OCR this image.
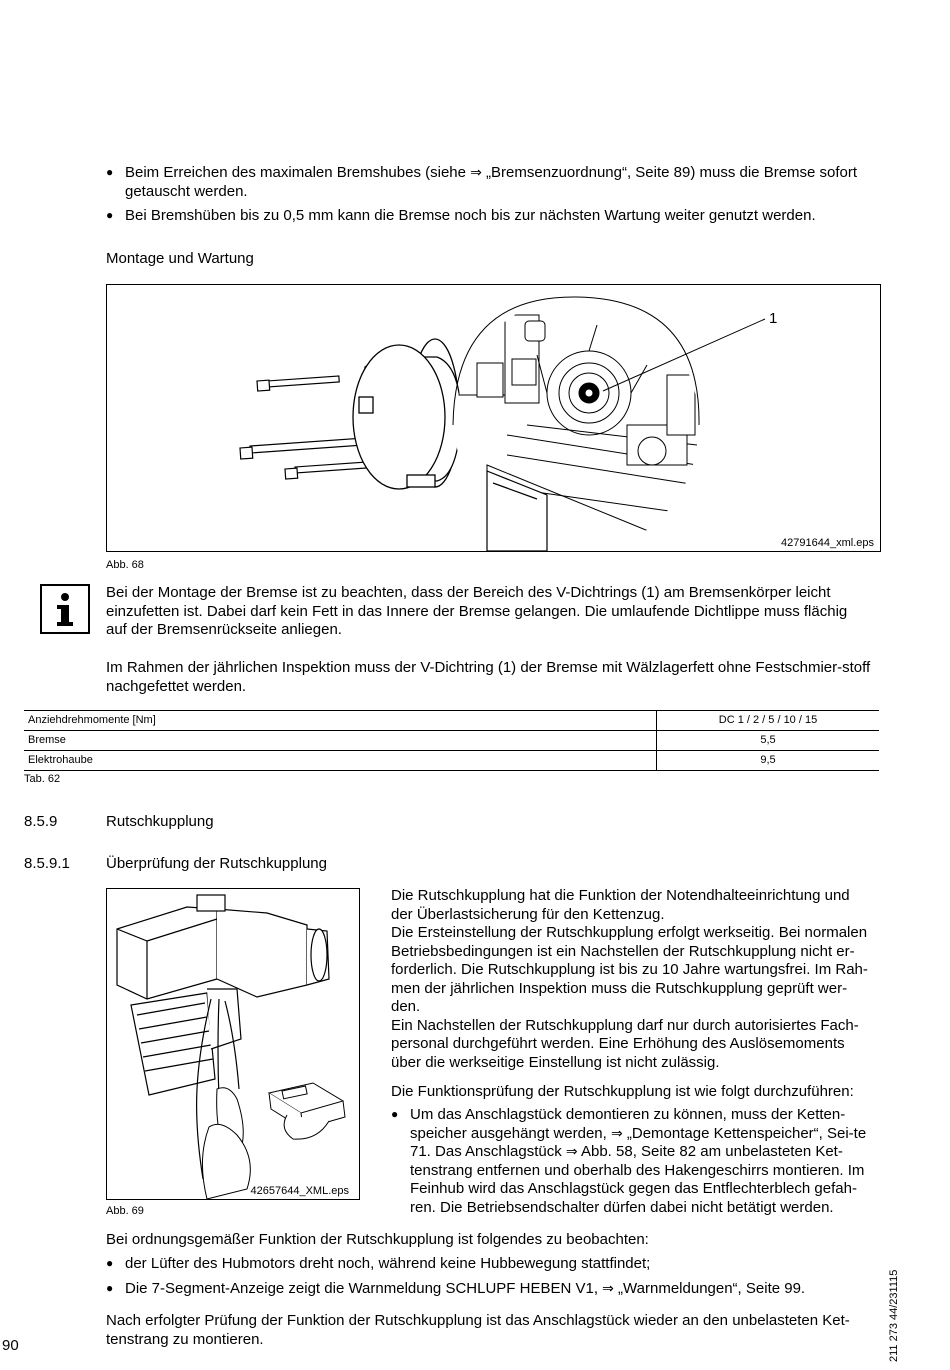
● Beim Erreichen des maximalen Bremshubes (siehe ⇒ „Bremsenzuordnung“, Seite 89) muss die Bremse sofort getauscht werden.
● Bei Bremshüben bis zu 0,5 mm kann die Bremse noch bis zur nächsten Wartung weiter genutzt werden.
Montage und Wartung
1
42791644_xml.eps
Abb. 68

Bei der Montage der Bremse ist zu beachten, dass der Bereich des V-Dichtrings (1) am Bremsenkörper leicht einzufetten ist. Dabei darf kein Fett in das Innere der Bremse gelangen. Die umlaufende Dichtlippe muss flächig auf der Bremsenrückseite anliegen.

Im Rahmen der jährlichen Inspektion muss der V-Dichtring (1) der Bremse mit Wälzlagerfett ohne Festschmier-stoff nachgefettet werden.

Anziehdrehmomente [Nm]	DC 1 / 2 / 5 / 10 / 15
Bremse	5,5
Elektrohaube	9,5
Tab. 62
8.5.9	Rutschkupplung
8.5.9.1 Überprüfung der Rutschkupplung
42657644_XML.eps
Abb. 69

Die Rutschkupplung hat die Funktion der Notendhalteeinrichtung und der Überlastsicherung für den Kettenzug.
Die Ersteinstellung der Rutschkupplung erfolgt werkseitig. Bei normalen Betriebsbedingungen ist ein Nachstellen der Rutschkupplung nicht er-forderlich. Die Rutschkupplung ist bis zu 10 Jahre wartungsfrei. Im Rah-men der jährlichen Inspektion muss die Rutschkupplung geprüft wer-den.
Ein Nachstellen der Rutschkupplung darf nur durch autorisiertes Fach-personal durchgeführt werden. Eine Erhöhung des Auslösemoments über die werkseitige Einstellung ist nicht zulässig.

Die Funktionsprüfung der Rutschkupplung ist wie folgt durchzuführen:

● Um das Anschlagstück demontieren zu können, muss der Ketten-speicher ausgehängt werden, ⇒ „Demontage Kettenspeicher“, Sei-te 71. Das Anschlagstück ⇒ Abb. 58, Seite 82 am unbelasteten Ket-tenstrang entfernen und oberhalb des Hakengeschirrs montieren. Im Feinhub wird das Anschlagstück gegen das Entflechterblech gefah-ren. Die Betriebsendschalter dürfen dabei nicht betätigt werden.

Bei ordnungsgemäßer Funktion der Rutschkupplung ist folgendes zu beobachten:

● der Lüfter des Hubmotors dreht noch, während keine Hubbewegung stattfindet;
● Die 7-Segment-Anzeige zeigt die Warnmeldung SCHLUPF HEBEN V1, ⇒ „Warnmeldungen“, Seite 99.

Nach erfolgter Prüfung der Funktion der Rutschkupplung ist das Anschlagstück wieder an den unbelasteten Ket-tenstrang zu montieren.

90	211 273 44/231115
